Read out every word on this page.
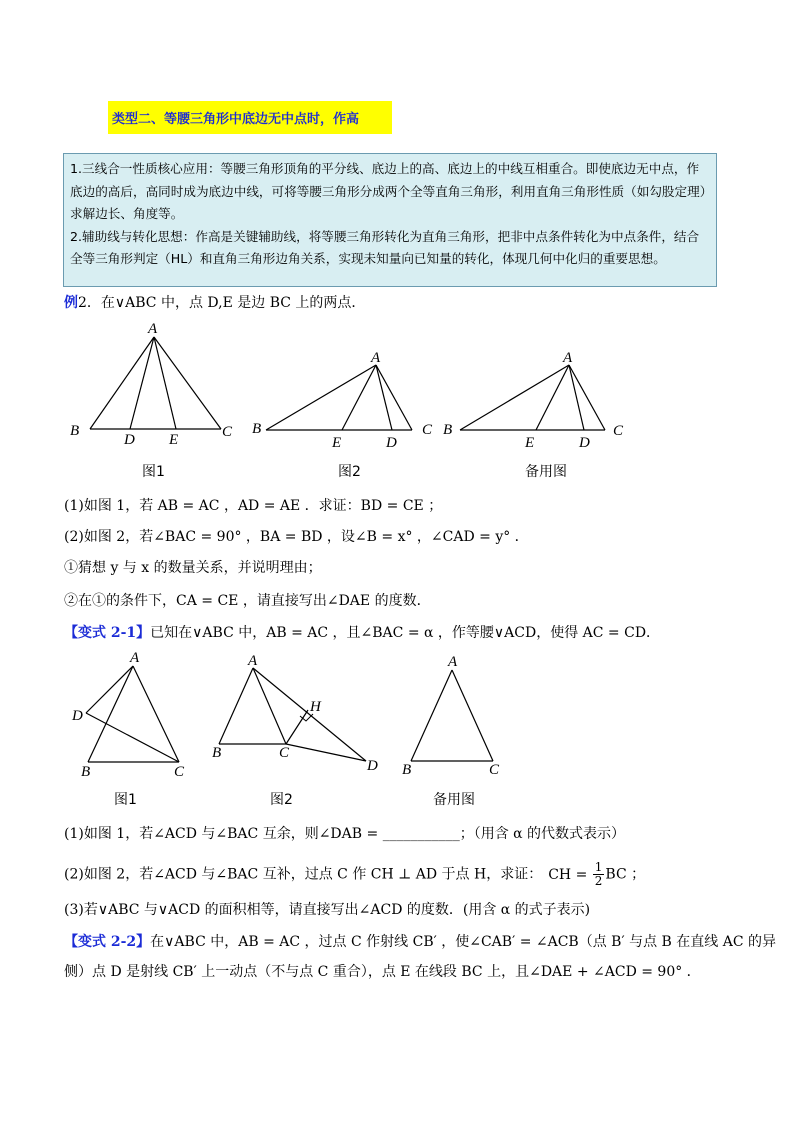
类型二、等腰三角形中底边无中点时，作高

1.三线合一性质核心应用：等腰三角形顶角的平分线、底边上的高、底边上的中线互相重合。即使底边无中点，作底边的高后，高同时成为底边中线，可将等腰三角形分成两个全等直角三角形，利用直角三角形性质（如勾股定理）求解边长、角度等。

2.辅助线与转化思想：作高是关键辅助线，将等腰三角形转化为直角三角形，把非中点条件转化为中点条件，结合全等三角形判定（HL）和直角三角形边角关系，实现未知量向已知量的转化，体现几何中化归的重要思想。

例2．在∨ABC 中，点 D,E 是边 BC 上的两点．
A
B
D E	C
A
B
E	D
C
A
B
E	D
C
图1	图2	备用图
(1)如图 1，若 AB = AC ，AD = AE ．求证：BD = CE ；
(2)如图 2，若∠BAC = 90° ，BA = BD ，设∠B = x° ，∠CAD = y° ．
①猜想 y 与 x 的数量关系，并说明理由；
②在①的条件下，CA = CE ，请直接写出∠DAE 的度数．
【变式 2-1】已知在∨ABC 中，AB = AC ，且∠BAC = α ，作等腰∨ACD，使得 AC = CD．
A
D
B	C
A
H
B	C
D
A
B	C
图1	图2	备用图
(1)如图 1，若∠ACD 与∠BAC 互余，则∠DAB = ___________；（用含 α 的代数式表示）
(2)如图 2，若∠ACD 与∠BAC 互补，过点 C 作 CH ⊥ AD 于点 H，求证： CH = $\frac{1}{2}$ BC ；
(3)若∨ABC 与∨ACD 的面积相等，请直接写出∠ACD 的度数．(用含 α 的式子表示)
【变式 2-2】在∨ABC 中，AB = AC ，过点 C 作射线 CB′ ，使∠CAB′ = ∠ACB（点 B′ 与点 B 在直线 AC 的异
侧）点 D 是射线 CB′ 上一动点（不与点 C 重合），点 E 在线段 BC 上，且∠DAE + ∠ACD = 90° ．
